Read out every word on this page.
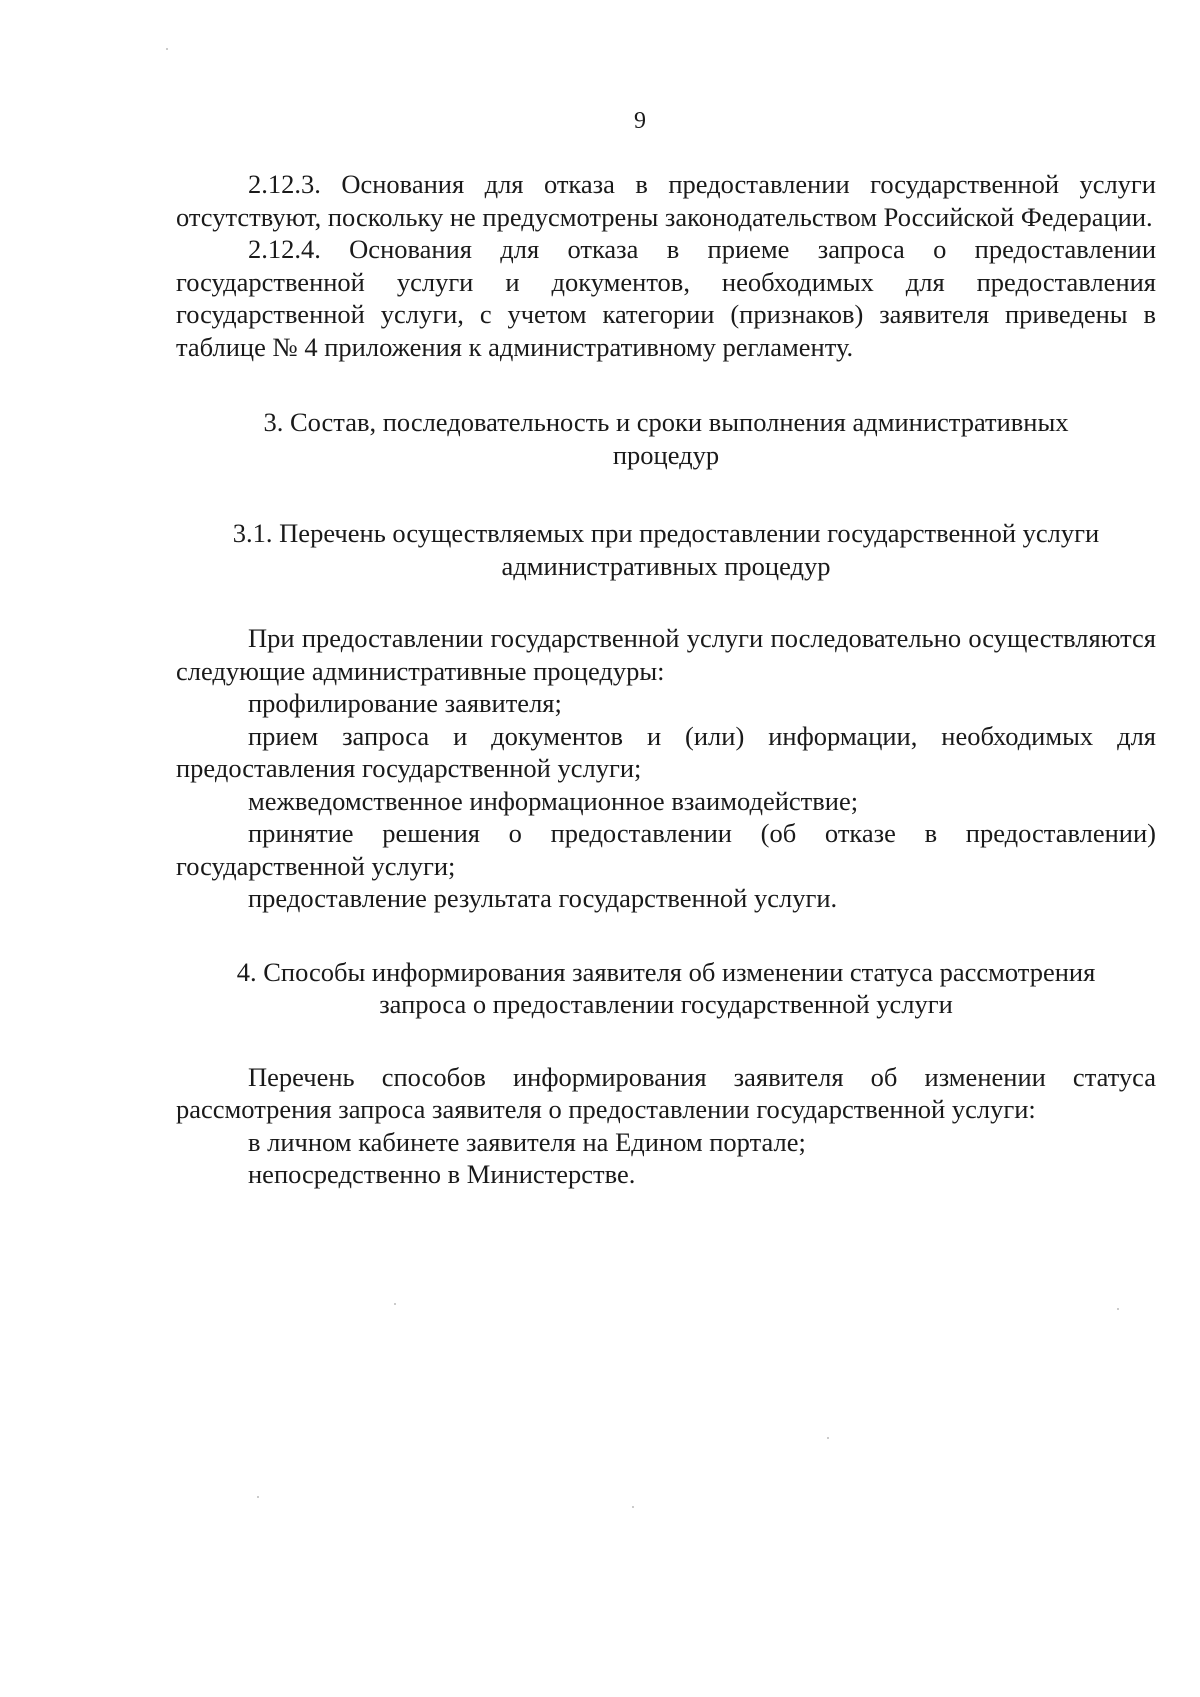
9

2.12.3. Основания для отказа в предоставлении государственной услуги отсутствуют, поскольку не предусмотрены законодательством Российской Федерации.

2.12.4. Основания для отказа в приеме запроса о предоставлении государственной услуги и документов, необходимых для предоставления государственной услуги, с учетом категории (признаков) заявителя приведены в таблице № 4 приложения к административному регламенту.

3. Состав, последовательность и сроки выполнения административных
процедур
3.1. Перечень осуществляемых при предоставлении государственной услуги
административных процедур

При предоставлении государственной услуги последовательно осуществляются следующие административные процедуры:

профилирование заявителя;

прием запроса и документов и (или) информации, необходимых для предоставления государственной услуги;

межведомственное информационное взаимодействие;

принятие решения о предоставлении (об отказе в предоставлении) государственной услуги;

предоставление результата государственной услуги.

4. Способы информирования заявителя об изменении статуса рассмотрения
запроса о предоставлении государственной услуги

Перечень способов информирования заявителя об изменении статуса рассмотрения запроса заявителя о предоставлении государственной услуги:

в личном кабинете заявителя на Едином портале;

непосредственно в Министерстве.
